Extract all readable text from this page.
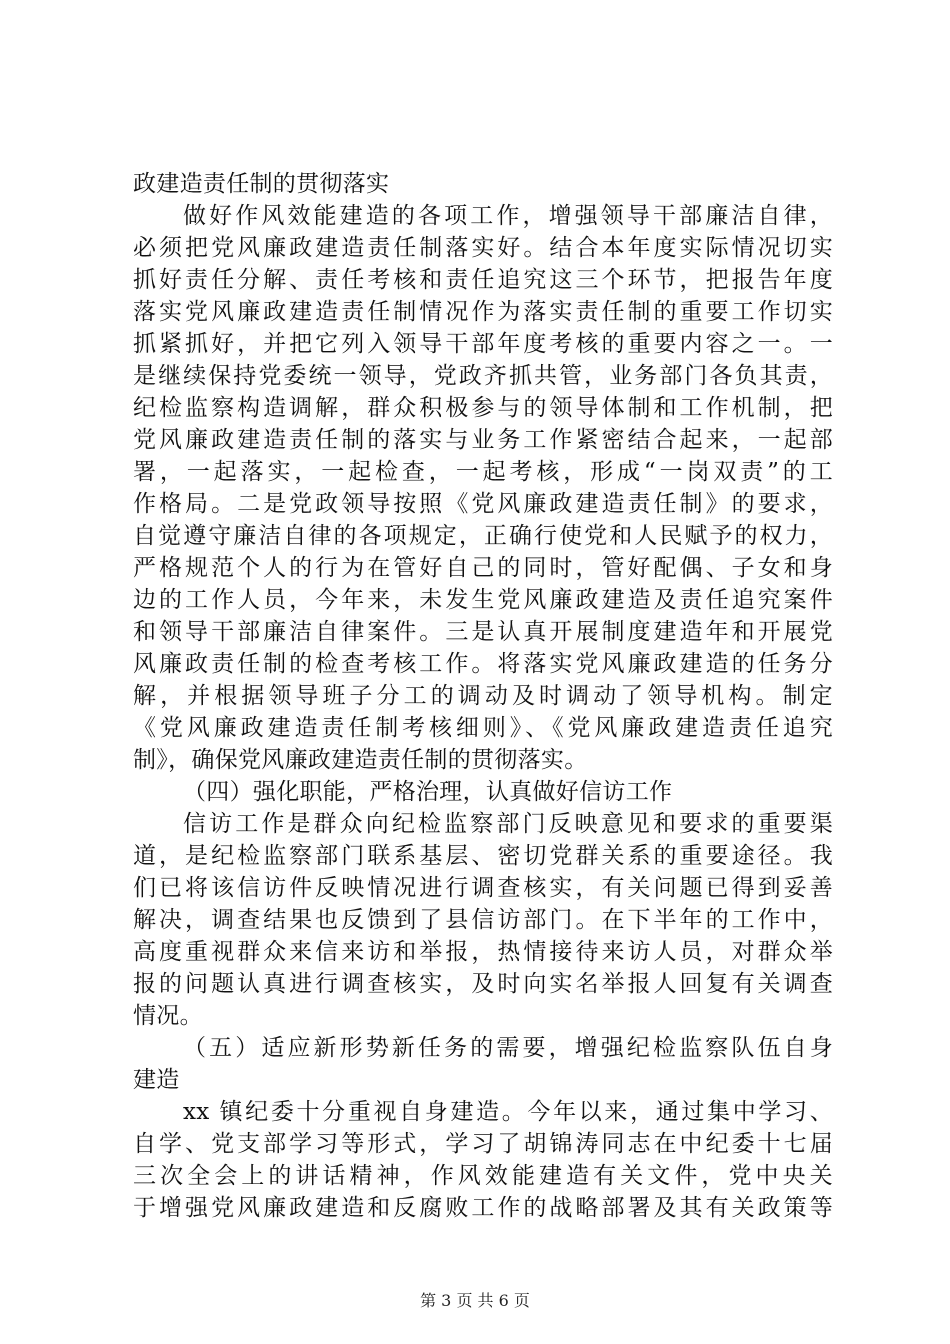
政建造责任制的贯彻落实
做好作风效能建造的各项工作，增强领导干部廉洁自律，
必须把党风廉政建造责任制落实好。结合本年度实际情况切实
抓好责任分解、责任考核和责任追究这三个环节，把报告年度
落实党风廉政建造责任制情况作为落实责任制的重要工作切实
抓紧抓好，并把它列入领导干部年度考核的重要内容之一。一
是继续保持党委统一领导，党政齐抓共管，业务部门各负其责，
纪检监察构造调解，群众积极参与的领导体制和工作机制，把
党风廉政建造责任制的落实与业务工作紧密结合起来，一起部
署，一起落实，一起检查，一起考核，形成“一岗双责”的工
作格局。二是党政领导按照《党风廉政建造责任制》的要求，
自觉遵守廉洁自律的各项规定，正确行使党和人民赋予的权力，
严格规范个人的行为在管好自己的同时，管好配偶、子女和身
边的工作人员，今年来，未发生党风廉政建造及责任追究案件
和领导干部廉洁自律案件。三是认真开展制度建造年和开展党
风廉政责任制的检查考核工作。将落实党风廉政建造的任务分
解，并根据领导班子分工的调动及时调动了领导机构。制定
《党风廉政建造责任制考核细则》、《党风廉政建造责任追究
制》，确保党风廉政建造责任制的贯彻落实。
（四）强化职能，严格治理，认真做好信访工作
信访工作是群众向纪检监察部门反映意见和要求的重要渠
道，是纪检监察部门联系基层、密切党群关系的重要途径。我
们已将该信访件反映情况进行调查核实，有关问题已得到妥善
解决，调查结果也反馈到了县信访部门。在下半年的工作中，
高度重视群众来信来访和举报，热情接待来访人员，对群众举
报的问题认真进行调查核实，及时向实名举报人回复有关调查
情况。
（五）适应新形势新任务的需要，增强纪检监察队伍自身
建造
xx 镇纪委十分重视自身建造。今年以来，通过集中学习、
自学、党支部学习等形式，学习了胡锦涛同志在中纪委十七届
三次全会上的讲话精神，作风效能建造有关文件，党中央关
于增强党风廉政建造和反腐败工作的战略部署及其有关政策等
第 3 页 共 6 页
